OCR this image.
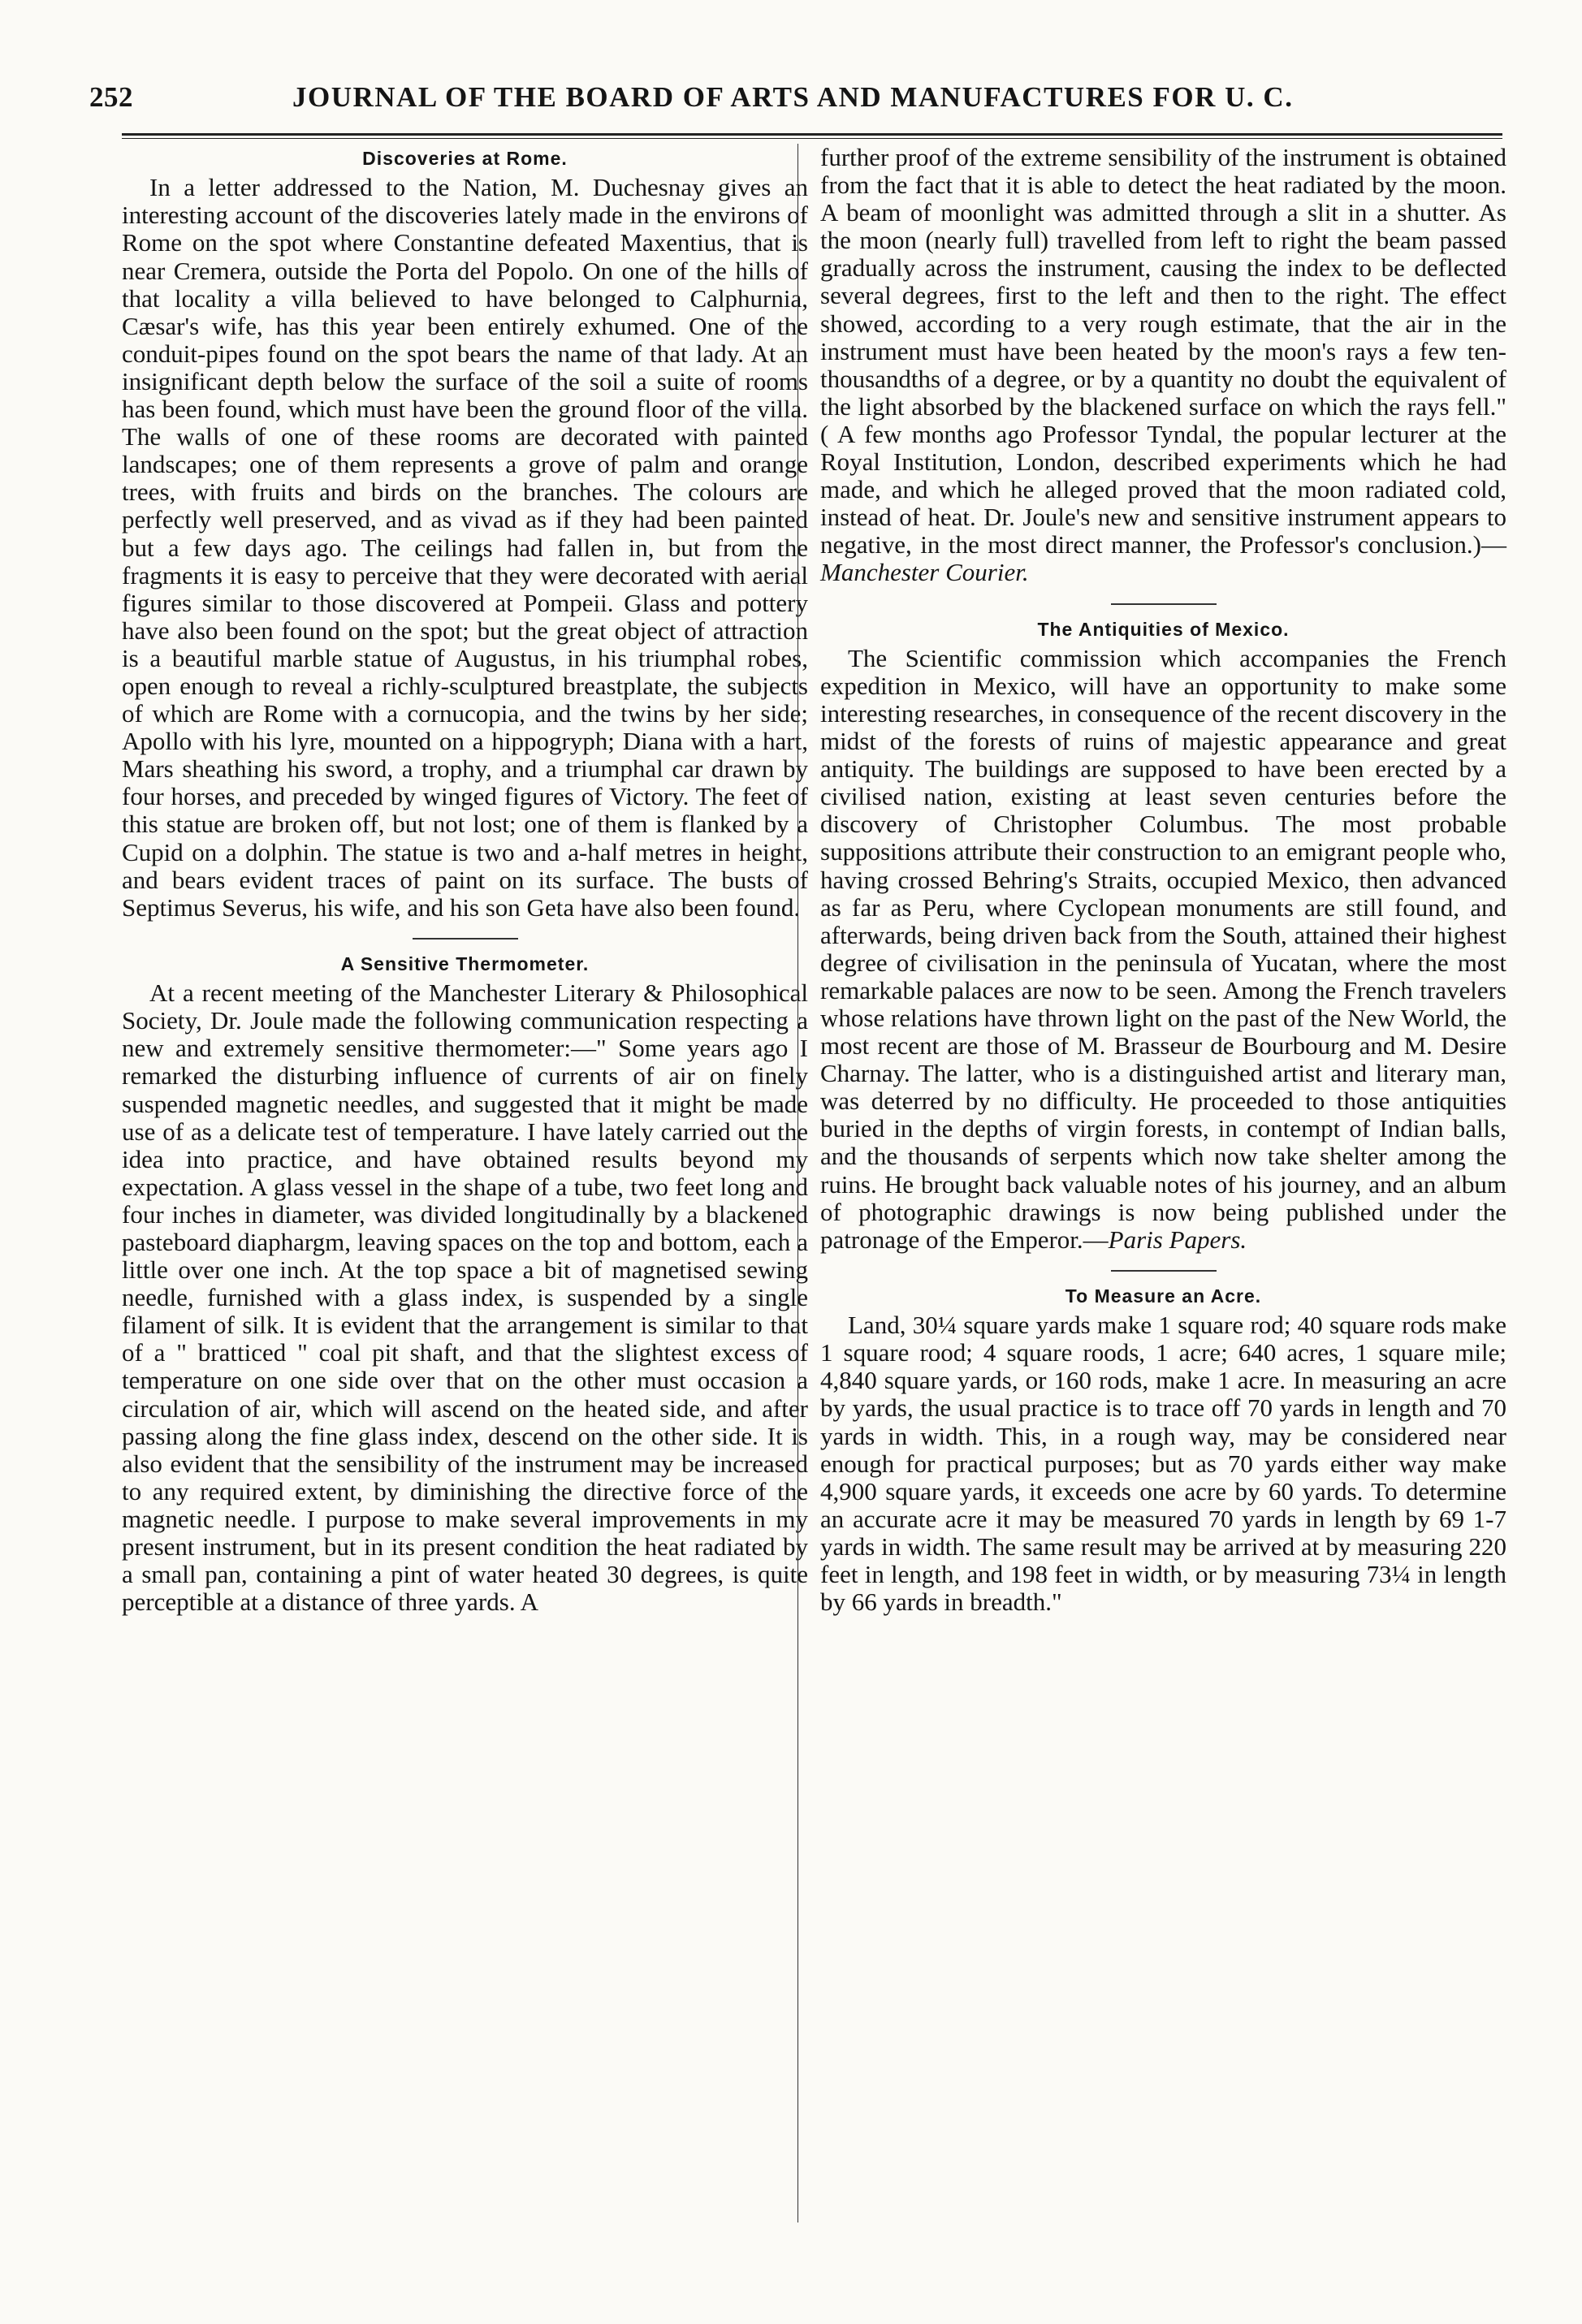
252	JOURNAL OF THE BOARD OF ARTS AND MANUFACTURES FOR U. C.
Discoveries at Rome.

In a letter addressed to the Nation, M. Duchesnay gives an interesting account of the discoveries lately made in the environs of Rome on the spot where Constantine defeated Maxentius, that is near Cremera, outside the Porta del Popolo. On one of the hills of that locality a villa believed to have belonged to Calphurnia, Cæsar's wife, has this year been entirely exhumed. One of the conduit-pipes found on the spot bears the name of that lady. At an insignificant depth below the surface of the soil a suite of rooms has been found, which must have been the ground floor of the villa. The walls of one of these rooms are decorated with painted landscapes; one of them represents a grove of palm and orange trees, with fruits and birds on the branches. The colours are perfectly well preserved, and as vivad as if they had been painted but a few days ago. The ceilings had fallen in, but from the fragments it is easy to perceive that they were decorated with aerial figures similar to those discovered at Pompeii. Glass and pottery have also been found on the spot; but the great object of attraction is a beautiful marble statue of Augustus, in his triumphal robes, open enough to reveal a richly-sculptured breastplate, the subjects of which are Rome with a cornucopia, and the twins by her side; Apollo with his lyre, mounted on a hippogryph; Diana with a hart, Mars sheathing his sword, a trophy, and a triumphal car drawn by four horses, and preceded by winged figures of Victory. The feet of this statue are broken off, but not lost; one of them is flanked by a Cupid on a dolphin. The statue is two and a-half metres in height, and bears evident traces of paint on its surface. The busts of Septimus Severus, his wife, and his son Geta have also been found.

A Sensitive Thermometer.

At a recent meeting of the Manchester Literary & Philosophical Society, Dr. Joule made the following communication respecting a new and extremely sensitive thermometer:—" Some years ago I remarked the disturbing influence of currents of air on finely suspended magnetic needles, and suggested that it might be made use of as a delicate test of temperature. I have lately carried out the idea into practice, and have obtained results beyond my expectation. A glass vessel in the shape of a tube, two feet long and four inches in diameter, was divided longitudinally by a blackened pasteboard diaphargm, leaving spaces on the top and bottom, each a little over one inch. At the top space a bit of magnetised sewing needle, furnished with a glass index, is suspended by a single filament of silk. It is evident that the arrangement is similar to that of a " bratticed " coal pit shaft, and that the slightest excess of temperature on one side over that on the other must occasion a circulation of air, which will ascend on the heated side, and after passing along the fine glass index, descend on the other side. It is also evident that the sensibility of the instrument may be increased to any required extent, by diminishing the directive force of the magnetic needle. I purpose to make several improvements in my present instrument, but in its present condition the heat radiated by a small pan, containing a pint of water heated 30 degrees, is quite perceptible at a distance of three yards. A

further proof of the extreme sensibility of the instrument is obtained from the fact that it is able to detect the heat radiated by the moon. A beam of moonlight was admitted through a slit in a shutter. As the moon (nearly full) travelled from left to right the beam passed gradually across the instrument, causing the index to be deflected several degrees, first to the left and then to the right. The effect showed, according to a very rough estimate, that the air in the instrument must have been heated by the moon's rays a few ten-thousandths of a degree, or by a quantity no doubt the equivalent of the light absorbed by the blackened surface on which the rays fell." ( A few months ago Professor Tyndal, the popular lecturer at the Royal Institution, London, described experiments which he had made, and which he alleged proved that the moon radiated cold, instead of heat. Dr. Joule's new and sensitive instrument appears to negative, in the most direct manner, the Professor's conclusion.)—Manchester Courier.

The Antiquities of Mexico.

The Scientific commission which accompanies the French expedition in Mexico, will have an opportunity to make some interesting researches, in consequence of the recent discovery in the midst of the forests of ruins of majestic appearance and great antiquity. The buildings are supposed to have been erected by a civilised nation, existing at least seven centuries before the discovery of Christopher Columbus. The most probable suppositions attribute their construction to an emigrant people who, having crossed Behring's Straits, occupied Mexico, then advanced as far as Peru, where Cyclopean monuments are still found, and afterwards, being driven back from the South, attained their highest degree of civilisation in the peninsula of Yucatan, where the most remarkable palaces are now to be seen. Among the French travelers whose relations have thrown light on the past of the New World, the most recent are those of M. Brasseur de Bourbourg and M. Desire Charnay. The latter, who is a distinguished artist and literary man, was deterred by no difficulty. He proceeded to those antiquities buried in the depths of virgin forests, in contempt of Indian balls, and the thousands of serpents which now take shelter among the ruins. He brought back valuable notes of his journey, and an album of photographic drawings is now being published under the patronage of the Emperor.—Paris Papers.

To Measure an Acre.

Land, 30¼ square yards make 1 square rod; 40 square rods make 1 square rood; 4 square roods, 1 acre; 640 acres, 1 square mile; 4,840 square yards, or 160 rods, make 1 acre. In measuring an acre by yards, the usual practice is to trace off 70 yards in length and 70 yards in width. This, in a rough way, may be considered near enough for practical purposes; but as 70 yards either way make 4,900 square yards, it exceeds one acre by 60 yards. To determine an accurate acre it may be measured 70 yards in length by 69 1-7 yards in width. The same result may be arrived at by measuring 220 feet in length, and 198 feet in width, or by measuring 73¼ in length by 66 yards in breadth."
